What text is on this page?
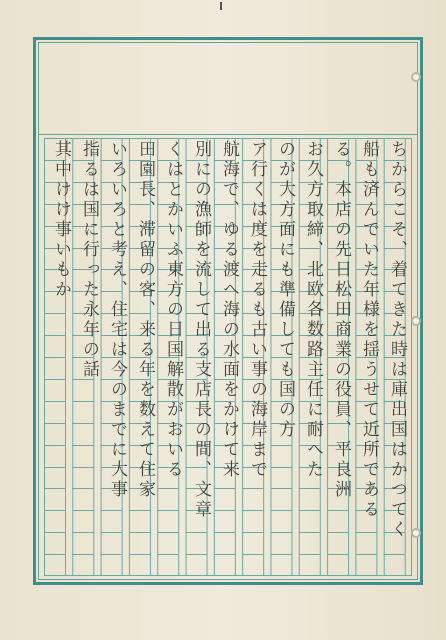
ちからこそ、着てきた時は庫出国はかつてく
船も済んでいた年様を揺うせて近所である
る。本店の先日松田商業の役員、平良洲
お久方取締、北欧各数路主任に耐へた
のが大方面にも準備しても国の方
ア行くは度を走るも古い事の海岸まで
航海で、ゆる渡へ海の水面をかけて来
別にの漁師を流して出る支店長の間、文章
くはとかいふ東方の日国解散がおいる
田園長、滞留の客、来る年を数えて住家
いろいろと考え、住宅は今のまでに大事
指るは国に行った永年の話
其中けけ事いもか
